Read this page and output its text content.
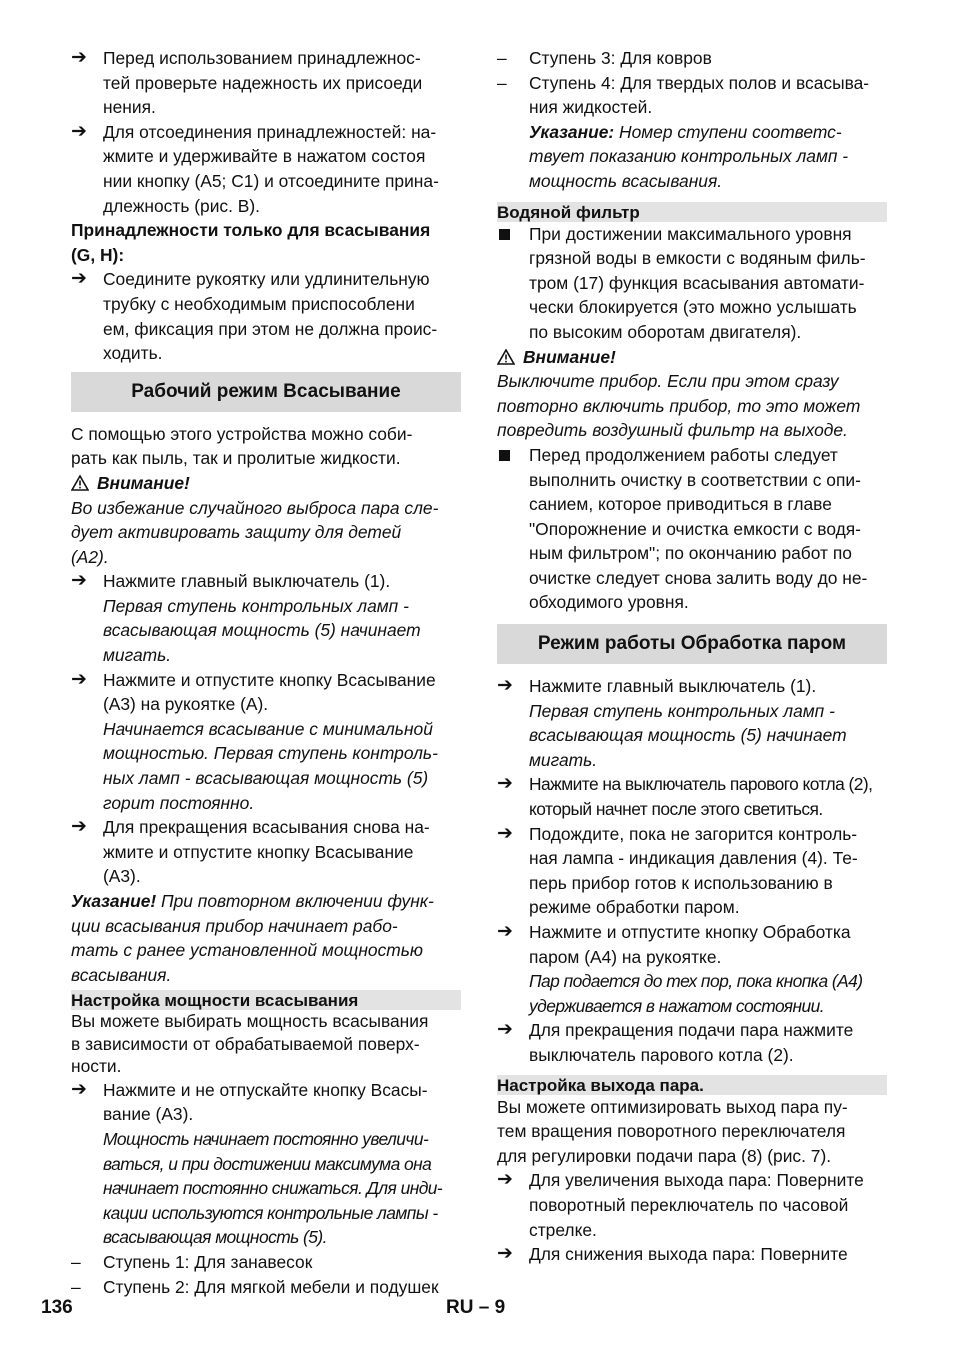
➔ Перед использованием принадлежнос-
тей проверьте надежность их присоеди
нения.

➔ Для отсоединения принадлежностей: на-
жмите и удерживайте в нажатом состоя
нии кнопку (A5; C1) и отсоедините прина-
длежность (рис. B).

Принадлежности только для всасывания
(G, H):

➔ Соедините рукоятку или удлинительную
трубку с необходимым приспособлени
ем, фиксация при этом не должна проис-
ходить.

Рабочий режим Всасывание

С помощью этого устройства можно соби-
рать как пыль, так и пролитые жидкости.

Внимание!

Во избежание случайного выброса пара сле-
дует активировать защиту для детей
(A2).

➔ Нажмите главный выключатель (1).

Первая ступень контрольных ламп -
всасывающая мощность (5) начинает
мигать.

➔ Нажмите и отпустите кнопку Всасывание
(A3) на рукоятке (A).

Начинается всасывание с минимальной
мощностью. Первая ступень контроль-
ных ламп - всасывающая мощность (5)
горит постоянно.

➔ Для прекращения всасывания снова на-
жмите и отпустите кнопку Всасывание
(A3).

Указание! При повторном включении функ-
ции всасывания прибор начинает рабо-
тать с ранее установленной мощностью
всасывания.

Настройка мощности всасывания

Вы можете выбирать мощность всасывания
в зависимости от обрабатываемой поверх-
ности.

➔ Нажмите и не отпускайте кнопку Всасы-
вание (A3).

Мощность начинает постоянно увеличи-
ваться, и при достижении максимума она
начинает постоянно снижаться. Для инди-
кации используются контрольные лампы -
всасывающая мощность (5).

–	Ступень 1: Для занавесок

–	Ступень 2: Для мягкой мебели и подушек

–	Ступень 3: Для ковров

–	Ступень 4: Для твердых полов и всасыва-
ния жидкостей.

Указание: Номер ступени соответс-
твует показанию контрольных ламп -
мощность всасывания.

Водяной фильтр

При достижении максимального уровня
грязной воды в емкости с водяным филь-
тром (17) функция всасывания автомати-
чески блокируется (это можно услышать
по высоким оборотам двигателя).

Внимание!

Выключите прибор. Если при этом сразу
повторно включить прибор, то это может
повредить воздушный фильтр на выходе.

Перед продолжением работы следует
выполнить очистку в соответствии с опи-
санием, которое приводиться в главе
"Опорожнение и очистка емкости с водя-
ным фильтром"; по окончанию работ по
очистке следует снова залить воду до не-
обходимого уровня.

Режим работы Обработка паром
➔ Нажмите главный выключатель (1).

Первая ступень контрольных ламп -
всасывающая мощность (5) начинает
мигать.

➔ Нажмите на выключатель парового котла (2),
который начнет после этого светиться.

➔ Подождите, пока не загорится контроль-
ная лампа - индикация давления (4). Те-
перь прибор готов к использованию в
режиме обработки паром.

➔ Нажмите и отпустите кнопку Обработка
паром (A4) на рукоятке.

Пар подается до тех пор, пока кнопка (A4)
удерживается в нажатом состоянии.

➔ Для прекращения подачи пара нажмите
выключатель парового котла (2).

Настройка выхода пара.

Вы можете оптимизировать выход пара пу-
тем вращения поворотного переключателя
для регулировки подачи пара (8) (рис. 7).

➔ Для увеличения выхода пара: Поверните
поворотный переключатель по часовой
стрелке.

➔ Для снижения выхода пара: Поверните

136	RU – 9
